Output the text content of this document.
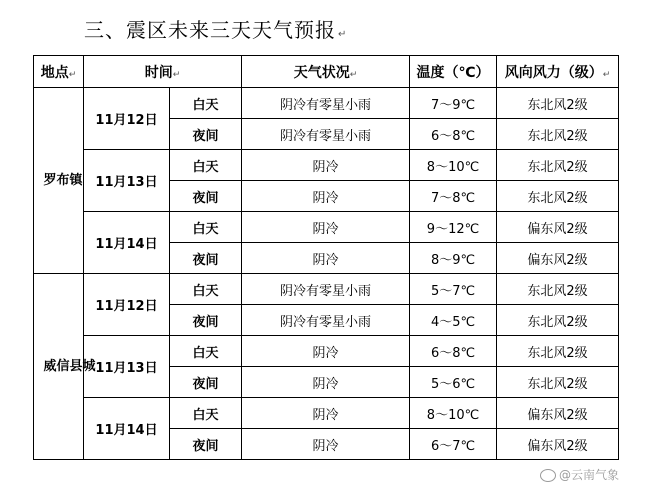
三、震区未来三天天气预报 ↵
地点↵	时间↵		天气状况↵	温度（℃）	风向风力（级）↵
罗布镇	11月12日	白天	阴冷有零星小雨	7～9℃	东北风2级
		夜间	阴冷有零星小雨	6～8℃	东北风2级
	11月13日	白天	阴冷	8～10℃	东北风2级
		夜间	阴冷	7～8℃	东北风2级
	11月14日	白天	阴冷	9～12℃	偏东风2级
		夜间	阴冷	8～9℃	偏东风2级
威信县城	11月12日	白天	阴冷有零星小雨	5～7℃	东北风2级
		夜间	阴冷有零星小雨	4～5℃	东北风2级
	11月13日	白天	阴冷	6～8℃	东北风2级
		夜间	阴冷	5～6℃	东北风2级
	11月14日	白天	阴冷	8～10℃	偏东风2级
		夜间	阴冷	6～7℃	偏东风2级
@云南气象
